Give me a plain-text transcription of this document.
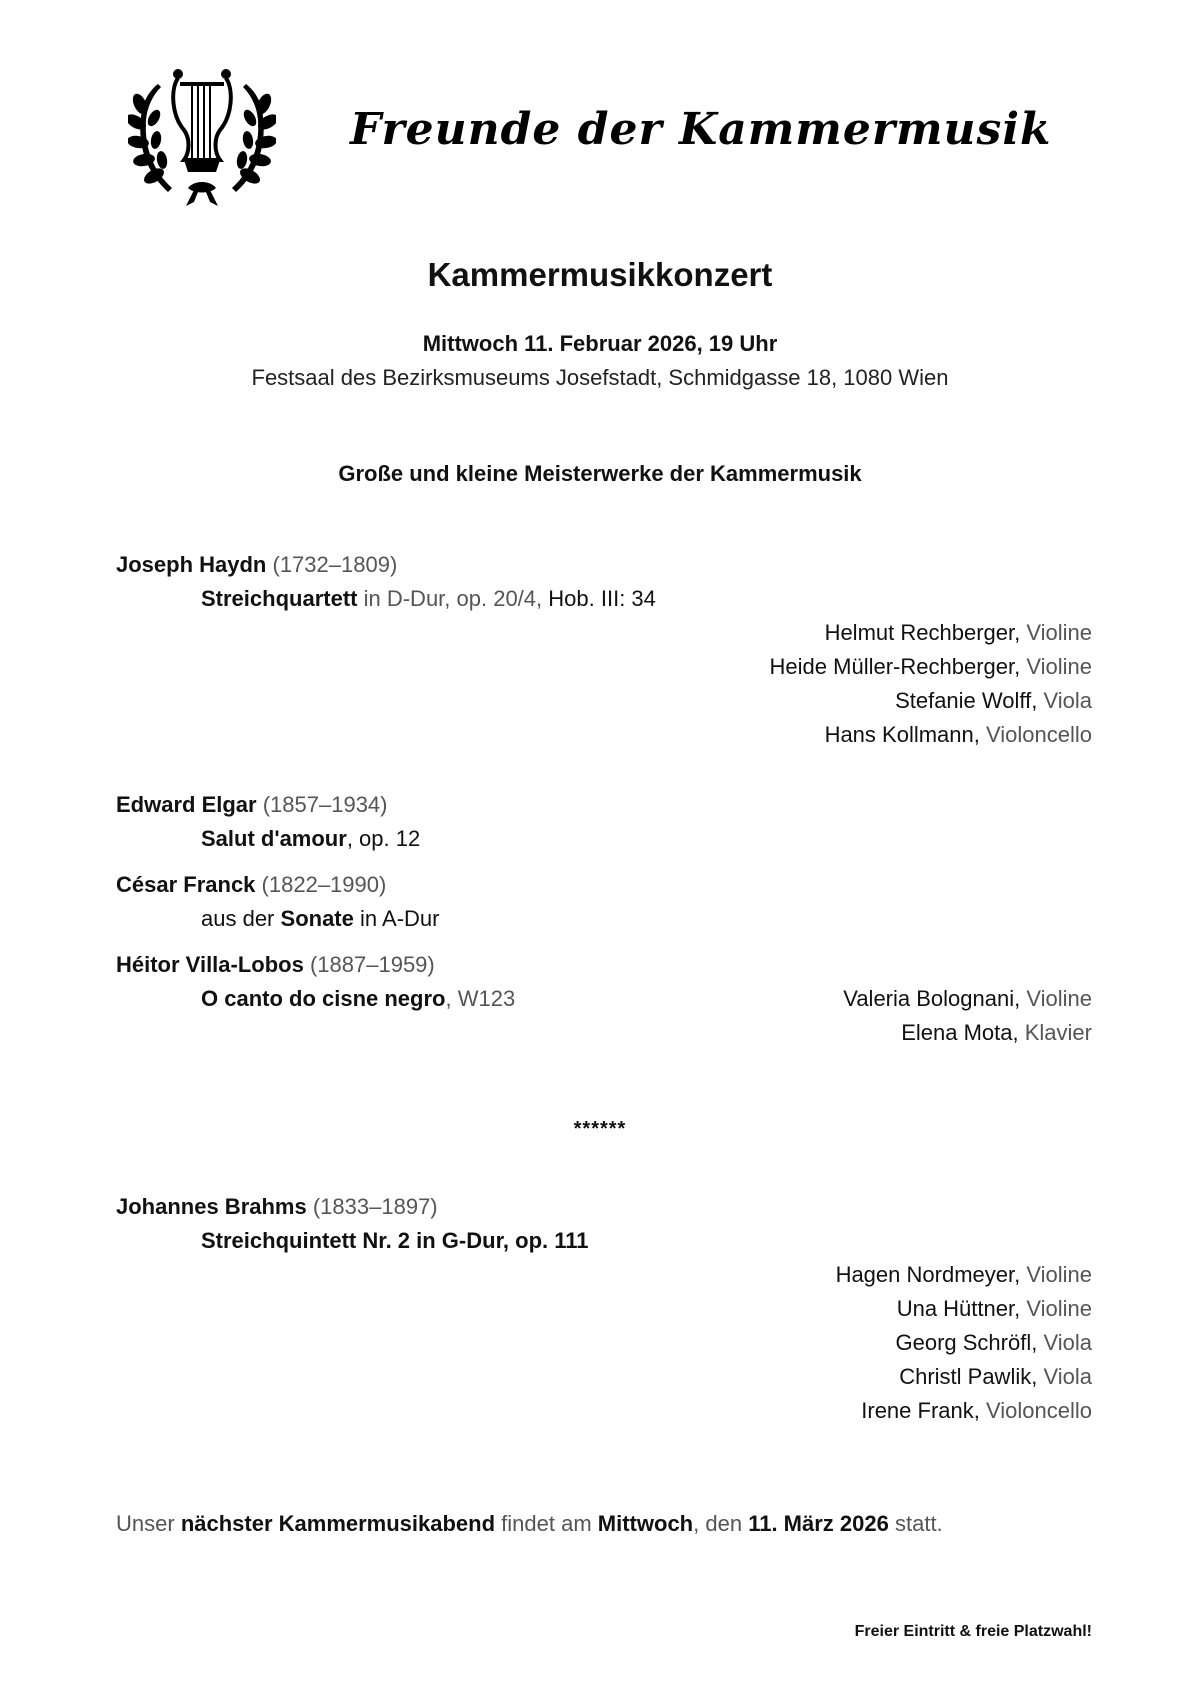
Freunde der Kammermusik
Kammermusikkonzert
Mittwoch 11. Februar 2026, 19 Uhr
Festsaal des Bezirksmuseums Josefstadt, Schmidgasse 18, 1080 Wien
Große und kleine Meisterwerke der Kammermusik
Joseph Haydn (1732–1809)
Streichquartett in D-Dur, op. 20/4, Hob. III: 34
Helmut Rechberger, Violine
Heide Müller-Rechberger, Violine
Stefanie Wolff, Viola
Hans Kollmann, Violoncello
Edward Elgar (1857–1934)
Salut d'amour, op. 12
César Franck (1822–1990)
aus der Sonate in A-Dur
Héitor Villa-Lobos (1887–1959)
O canto do cisne negro, W123	Valeria Bolognani, Violine
Elena Mota, Klavier
******
Johannes Brahms (1833–1897)
Streichquintett Nr. 2 in G-Dur, op. 111
Hagen Nordmeyer, Violine
Una Hüttner, Violine
Georg Schröfl, Viola
Christl Pawlik, Viola
Irene Frank, Violoncello
Unser nächster Kammermusikabend findet am Mittwoch, den 11. März 2026 statt.
Freier Eintritt & freie Platzwahl!
